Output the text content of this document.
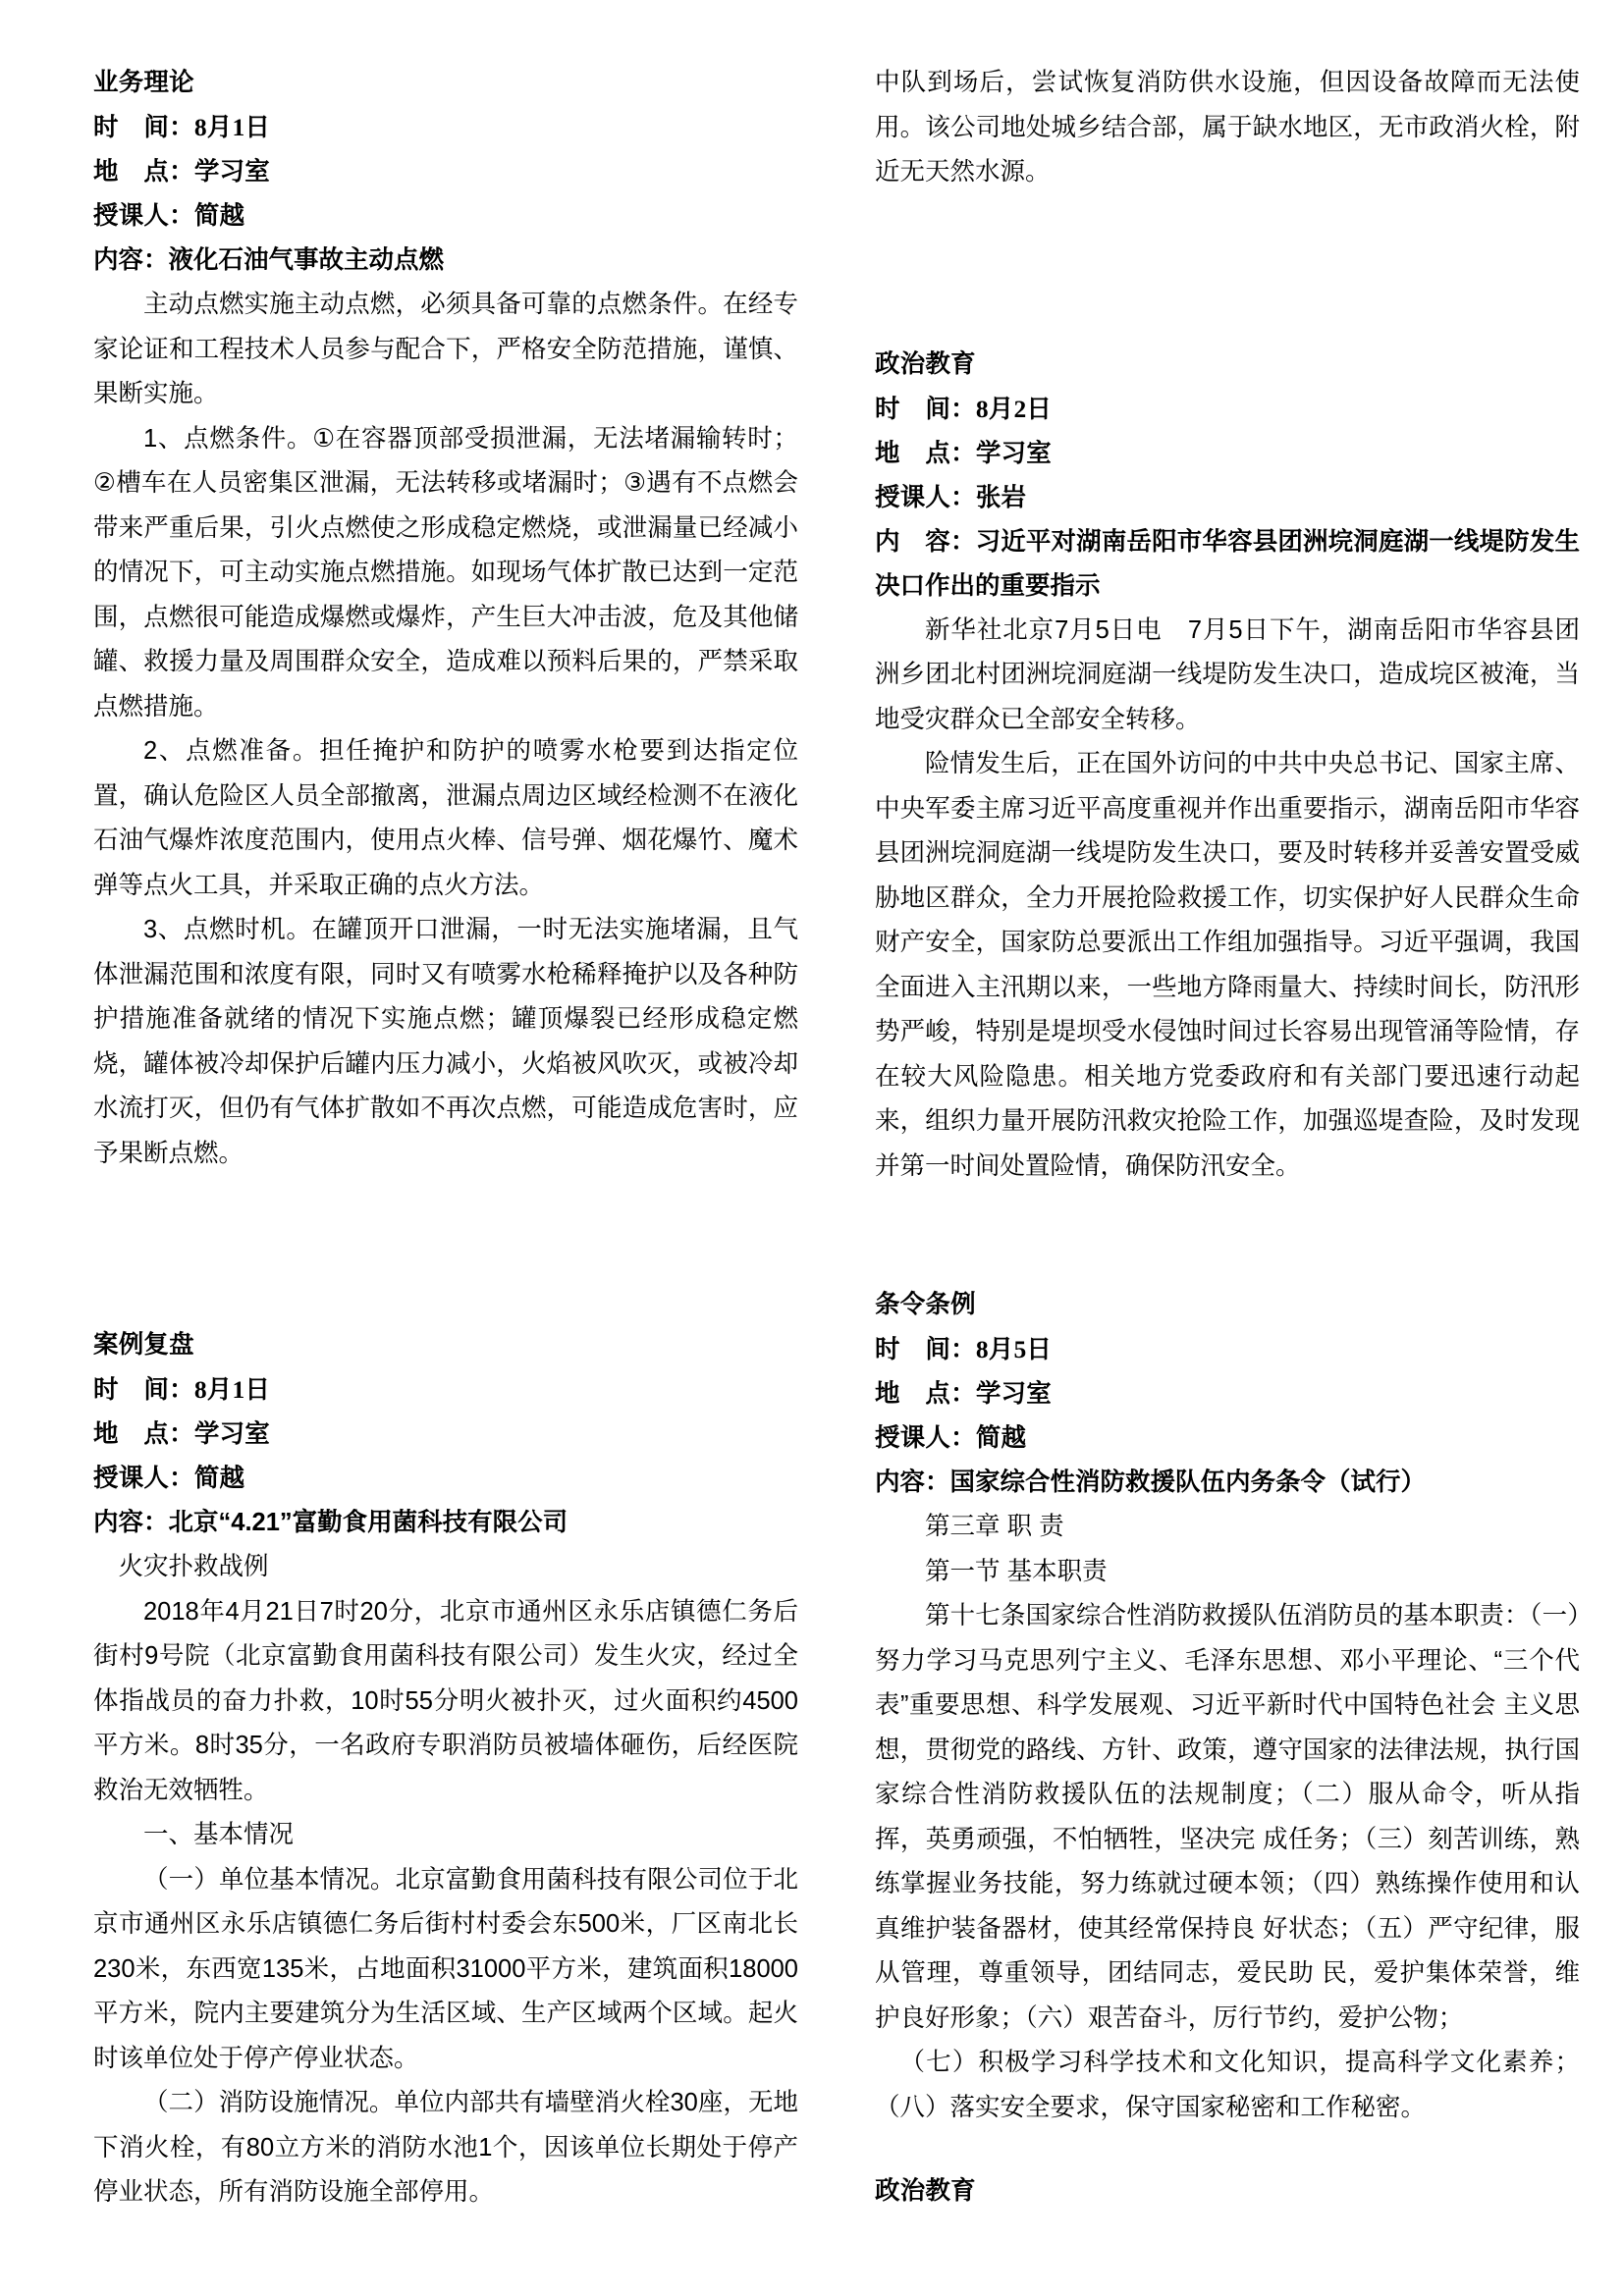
业务理论
时　间：8月1日
地　点：学习室
授课人：简越
内容：液化石油气事故主动点燃

主动点燃实施主动点燃，必须具备可靠的点燃条件。在经专家论证和工程技术人员参与配合下，严格安全防范措施，谨慎、果断实施。

1、点燃条件。①在容器顶部受损泄漏，无法堵漏输转时；②槽车在人员密集区泄漏，无法转移或堵漏时；③遇有不点燃会带来严重后果，引火点燃使之形成稳定燃烧，或泄漏量已经减小的情况下，可主动实施点燃措施。如现场气体扩散已达到一定范围，点燃很可能造成爆燃或爆炸，产生巨大冲击波，危及其他储罐、救援力量及周围群众安全，造成难以预料后果的，严禁采取点燃措施。

2、点燃准备。担任掩护和防护的喷雾水枪要到达指定位置，确认危险区人员全部撤离，泄漏点周边区域经检测不在液化石油气爆炸浓度范围内，使用点火棒、信号弹、烟花爆竹、魔术弹等点火工具，并采取正确的点火方法。

3、点燃时机。在罐顶开口泄漏，一时无法实施堵漏，且气体泄漏范围和浓度有限，同时又有喷雾水枪稀释掩护以及各种防护措施准备就绪的情况下实施点燃；罐顶爆裂已经形成稳定燃烧，罐体被冷却保护后罐内压力减小，火焰被风吹灭，或被冷却水流打灭，但仍有气体扩散如不再次点燃，可能造成危害时，应予果断点燃。

案例复盘
时　间：8月1日
地　点：学习室
授课人：简越
内容：北京“4.21”富勤食用菌科技有限公司

火灾扑救战例

2018年4月21日7时20分，北京市通州区永乐店镇德仁务后街村9号院（北京富勤食用菌科技有限公司）发生火灾，经过全体指战员的奋力扑救，10时55分明火被扑灭，过火面积约4500平方米。8时35分，一名政府专职消防员被墙体砸伤，后经医院救治无效牺牲。

一、基本情况

（一）单位基本情况。北京富勤食用菌科技有限公司位于北京市通州区永乐店镇德仁务后街村村委会东500米，厂区南北长230米，东西宽135米，占地面积31000平方米，建筑面积18000平方米，院内主要建筑分为生活区域、生产区域两个区域。起火时该单位处于停产停业状态。

（二）消防设施情况。单位内部共有墙壁消火栓30座，无地下消火栓，有80立方米的消防水池1个，因该单位长期处于停产停业状态，所有消防设施全部停用。

中队到场后，尝试恢复消防供水设施，但因设备故障而无法使用。该公司地处城乡结合部，属于缺水地区，无市政消火栓，附近无天然水源。

政治教育
时　间：8月2日
地　点：学习室
授课人：张岩
内　容：习近平对湖南岳阳市华容县团洲垸洞庭湖一线堤防发生决口作出的重要指示

新华社北京7月5日电　7月5日下午，湖南岳阳市华容县团洲乡团北村团洲垸洞庭湖一线堤防发生决口，造成垸区被淹，当地受灾群众已全部安全转移。

险情发生后，正在国外访问的中共中央总书记、国家主席、中央军委主席习近平高度重视并作出重要指示，湖南岳阳市华容县团洲垸洞庭湖一线堤防发生决口，要及时转移并妥善安置受威胁地区群众，全力开展抢险救援工作，切实保护好人民群众生命财产安全，国家防总要派出工作组加强指导。习近平强调，我国全面进入主汛期以来，一些地方降雨量大、持续时间长，防汛形势严峻，特别是堤坝受水侵蚀时间过长容易出现管涌等险情，存在较大风险隐患。相关地方党委政府和有关部门要迅速行动起来，组织力量开展防汛救灾抢险工作，加强巡堤查险，及时发现并第一时间处置险情，确保防汛安全。

条令条例
时　间：8月5日
地　点：学习室
授课人：简越
内容：国家综合性消防救援队伍内务条令（试行）

第三章 职 责

第一节 基本职责

第十七条国家综合性消防救援队伍消防员的基本职责：（一）努力学习马克思列宁主义、毛泽东思想、邓小平理论、“三个代表”重要思想、科学发展观、习近平新时代中国特色社会 主义思想，贯彻党的路线、方针、政策，遵守国家的法律法规，执行国家综合性消防救援队伍的法规制度；（二）服从命令，听从指挥，英勇顽强，不怕牺牲，坚决完 成任务；（三）刻苦训练，熟练掌握业务技能，努力练就过硬本领；（四）熟练操作使用和认真维护装备器材，使其经常保持良 好状态；（五）严守纪律，服从管理，尊重领导，团结同志，爱民助 民，爱护集体荣誉，维护良好形象；（六）艰苦奋斗，厉行节约，爱护公物；

（七）积极学习科学技术和文化知识，提高科学文化素养；（八）落实安全要求，保守国家秘密和工作秘密。

政治教育
